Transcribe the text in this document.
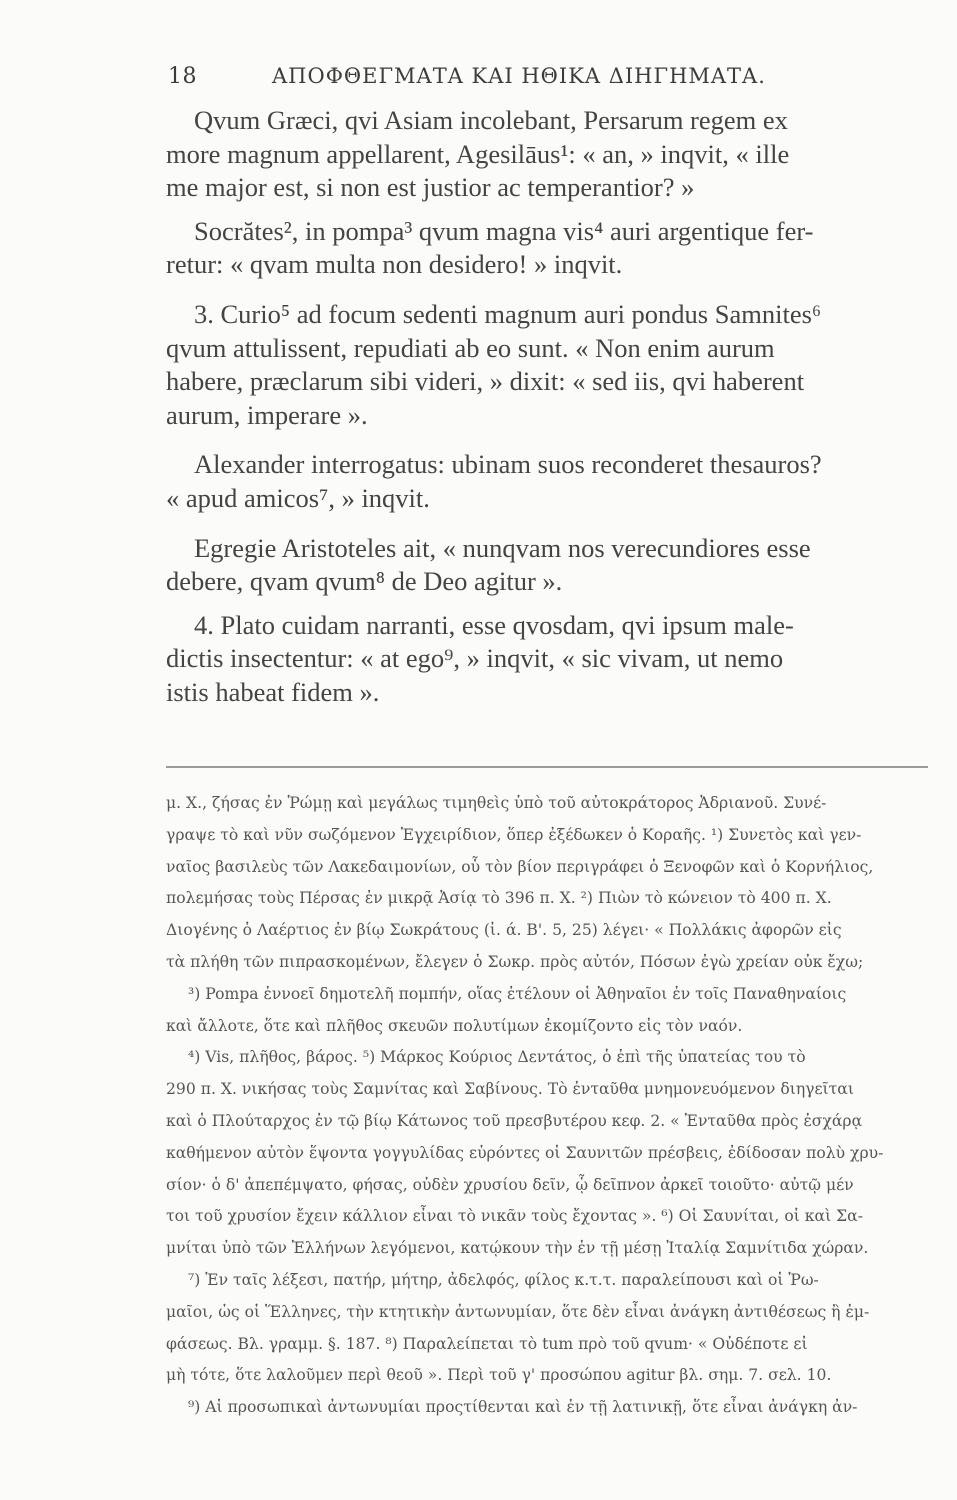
18	ΑΠΟΦΘΕΓΜΑΤΑ ΚΑΙ ΗΘΙΚΑ ΔΙΗΓΗΜΑΤΑ.
Qvum Græci, qvi Asiam incolebant, Persarum regem ex
more magnum appellarent, Agesilāus¹: « an, » inqvit, « ille
me major est, si non est justior ac temperantior? »
Socrătes², in pompa³ qvum magna vis⁴ auri argentique fer-
retur: « qvam multa non desidero! » inqvit.
3. Curio⁵ ad focum sedenti magnum auri pondus Samnites⁶
qvum attulissent, repudiati ab eo sunt. « Non enim aurum
habere, præclarum sibi videri, » dixit: « sed iis, qvi haberent
aurum, imperare ».
Alexander interrogatus: ubinam suos reconderet thesauros?
« apud amicos⁷, » inqvit.
Egregie Aristoteles ait, « nunqvam nos verecundiores esse
debere, qvam qvum⁸ de Deo agitur ».
4. Plato cuidam narranti, esse qvosdam, qvi ipsum male-
dictis insectentur: « at ego⁹, » inqvit, « sic vivam, ut nemo
istis habeat fidem ».
μ. Χ., ζήσας ἐν Ῥώμῃ καὶ μεγάλως τιμηθεὶς ὑπὸ τοῦ αὐτοκράτορος Ἀδριανοῦ. Συνέ-
γραψε τὸ καὶ νῦν σωζόμενον Ἐγχειρίδιον, ὅπερ ἐξέδωκεν ὁ Κοραῆς. ¹) Συνετὸς καὶ γεν-
ναῖος βασιλεὺς τῶν Λακεδαιμονίων, οὗ τὸν βίον περιγράφει ὁ Ξενοφῶν καὶ ὁ Κορνήλιος,
πολεμήσας τοὺς Πέρσας ἐν μικρᾷ Ἀσίᾳ τὸ 396 π. Χ. ²) Πιὼν τὸ κώνειον τὸ 400 π. Χ.
Διογένης ὁ Λαέρτιος ἐν βίῳ Σωκράτους (ἰ. ά. Β'. 5, 25) λέγει· « Πολλάκις ἀφορῶν εἰς
τὰ πλήθη τῶν πιπρασκομένων, ἔλεγεν ὁ Σωκρ. πρὸς αὐτόν, Πόσων ἐγὼ χρείαν οὐκ ἔχω;
³) Pompa ἐννοεῖ δημοτελῆ πομπήν, οἵας ἐτέλουν οἱ Ἀθηναῖοι ἐν τοῖς Παναθηναίοις
καὶ ἄλλοτε, ὅτε καὶ πλῆθος σκευῶν πολυτίμων ἐκομίζοντο εἰς τὸν ναόν.
⁴) Vis, πλῆθος, βάρος. ⁵) Μάρκος Κούριος Δεντάτος, ὁ ἐπὶ τῆς ὑπατείας του τὸ
290 π. Χ. νικήσας τοὺς Σαμνίτας καὶ Σαβίνους. Τὸ ἐνταῦθα μνημονευόμενον διηγεῖται
καὶ ὁ Πλούταρχος ἐν τῷ βίῳ Κάτωνος τοῦ πρεσβυτέρου κεφ. 2. « Ἐνταῦθα πρὸς ἐσχάρᾳ
καθήμενον αὐτὸν ἕψοντα γογγυλίδας εὑρόντες οἱ Σαυνιτῶν πρέσβεις, ἐδίδοσαν πολὺ χρυ-
σίον· ὁ δ' ἀπεπέμψατο, φήσας, οὐδὲν χρυσίου δεῖν, ᾧ δεῖπνον ἀρκεῖ τοιοῦτο· αὐτῷ μέν
τοι τοῦ χρυσίον ἔχειν κάλλιον εἶναι τὸ νικᾶν τοὺς ἔχοντας ». ⁶) Οἱ Σαυνίται, οἱ καὶ Σα-
μνίται ὑπὸ τῶν Ἑλλήνων λεγόμενοι, κατῴκουν τὴν ἐν τῇ μέσῃ Ἰταλίᾳ Σαμνίτιδα χώραν.
⁷) Ἐν ταῖς λέξεσι, πατήρ, μήτηρ, ἀδελφός, φίλος κ.τ.τ. παραλείπουσι καὶ οἱ Ῥω-
μαῖοι, ὡς οἱ Ἕλληνες, τὴν κτητικὴν ἀντωνυμίαν, ὅτε δὲν εἶναι ἀνάγκη ἀντιθέσεως ἢ ἐμ-
φάσεως. Βλ. γραμμ. §. 187. ⁸) Παραλείπεται τὸ tum πρὸ τοῦ qvum· « Οὐδέποτε εἰ
μὴ τότε, ὅτε λαλοῦμεν περὶ θεοῦ ». Περὶ τοῦ γ' προσώπου agitur βλ. σημ. 7. σελ. 10.
⁹) Αἱ προσωπικαὶ ἀντωνυμίαι προςτίθενται καὶ ἐν τῇ λατινικῇ, ὅτε εἶναι ἀνάγκη ἀν-
